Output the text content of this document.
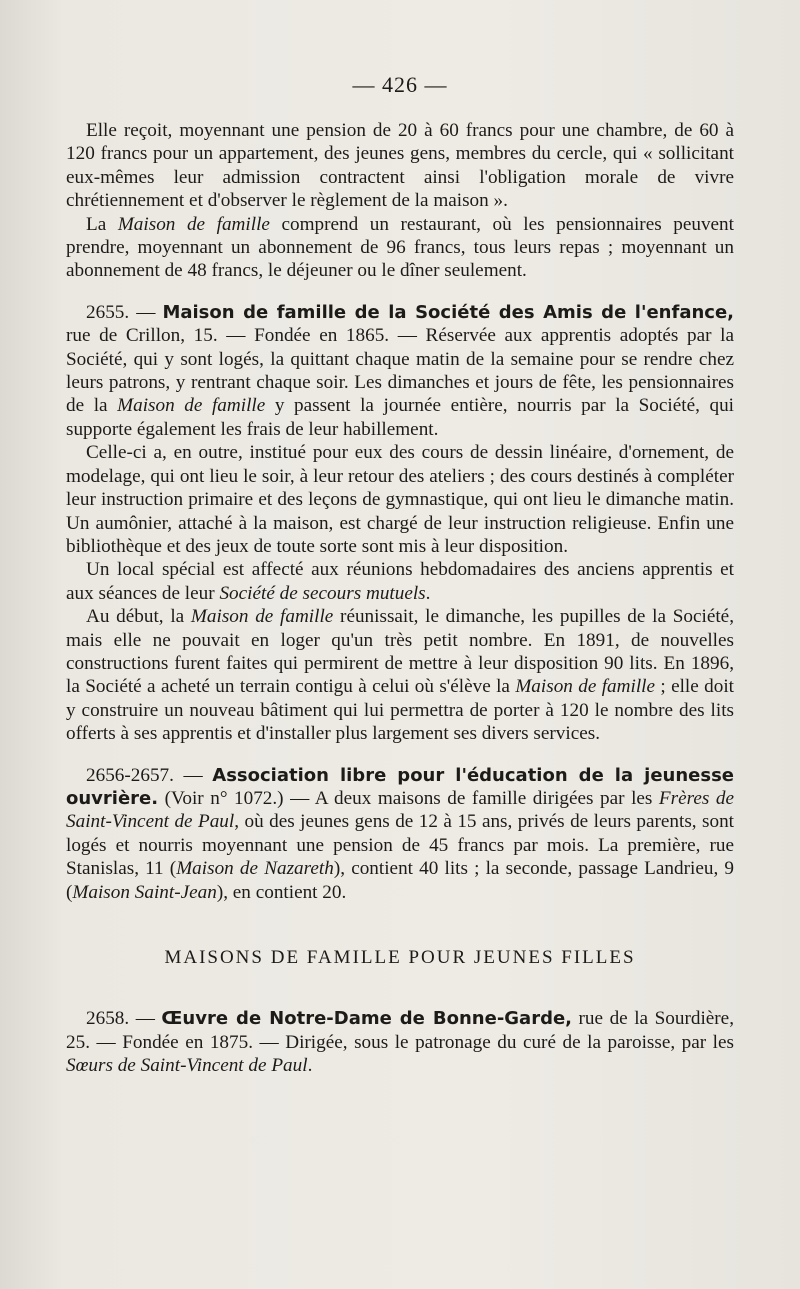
— 426 —

Elle reçoit, moyennant une pension de 20 à 60 francs pour une chambre, de 60 à 120 francs pour un appartement, des jeunes gens, membres du cercle, qui « sollicitant eux-mêmes leur admission contractent ainsi l'obligation morale de vivre chrétiennement et d'observer le règlement de la maison ».

La Maison de famille comprend un restaurant, où les pensionnaires peuvent prendre, moyennant un abonnement de 96 francs, tous leurs repas ; moyennant un abonnement de 48 francs, le déjeuner ou le dîner seulement.

2655. — Maison de famille de la Société des Amis de l'enfance, rue de Crillon, 15. — Fondée en 1865. — Réservée aux apprentis adoptés par la Société, qui y sont logés, la quittant chaque matin de la semaine pour se rendre chez leurs patrons, y rentrant chaque soir. Les dimanches et jours de fête, les pensionnaires de la Maison de famille y passent la journée entière, nourris par la Société, qui supporte également les frais de leur habillement.

Celle-ci a, en outre, institué pour eux des cours de dessin linéaire, d'ornement, de modelage, qui ont lieu le soir, à leur retour des ateliers ; des cours destinés à compléter leur instruction primaire et des leçons de gymnastique, qui ont lieu le dimanche matin. Un aumônier, attaché à la maison, est chargé de leur instruction religieuse. Enfin une bibliothèque et des jeux de toute sorte sont mis à leur disposition.

Un local spécial est affecté aux réunions hebdomadaires des anciens apprentis et aux séances de leur Société de secours mutuels.

Au début, la Maison de famille réunissait, le dimanche, les pupilles de la Société, mais elle ne pouvait en loger qu'un très petit nombre. En 1891, de nouvelles constructions furent faites qui permirent de mettre à leur disposition 90 lits. En 1896, la Société a acheté un terrain contigu à celui où s'élève la Maison de famille ; elle doit y construire un nouveau bâtiment qui lui permettra de porter à 120 le nombre des lits offerts à ses apprentis et d'installer plus largement ses divers services.

2656-2657. — Association libre pour l'éducation de la jeunesse ouvrière. (Voir n° 1072.) — A deux maisons de famille dirigées par les Frères de Saint-Vincent de Paul, où des jeunes gens de 12 à 15 ans, privés de leurs parents, sont logés et nourris moyennant une pension de 45 francs par mois. La première, rue Stanislas, 11 (Maison de Nazareth), contient 40 lits ; la seconde, passage Landrieu, 9 (Maison Saint-Jean), en contient 20.

MAISONS DE FAMILLE POUR JEUNES FILLES

2658. — Œuvre de Notre-Dame de Bonne-Garde, rue de la Sourdière, 25. — Fondée en 1875. — Dirigée, sous le patronage du curé de la paroisse, par les Sœurs de Saint-Vincent de Paul.
